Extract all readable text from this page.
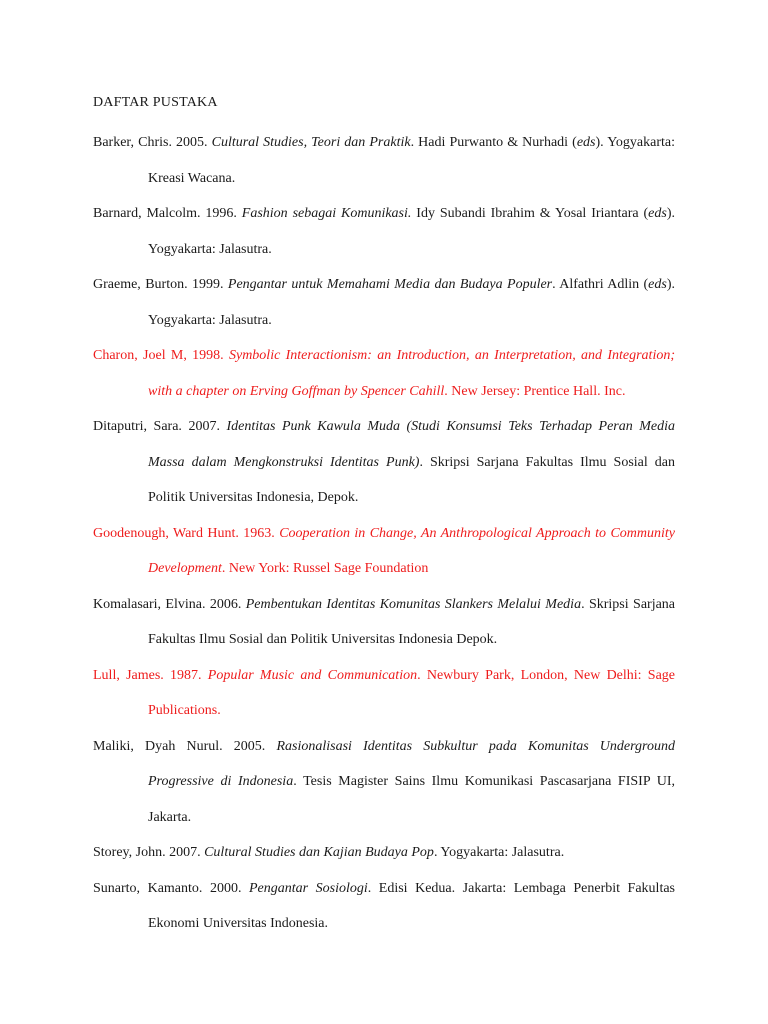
DAFTAR PUSTAKA
Barker, Chris. 2005. Cultural Studies, Teori dan Praktik. Hadi Purwanto & Nurhadi (eds). Yogyakarta: Kreasi Wacana.
Barnard, Malcolm. 1996. Fashion sebagai Komunikasi. Idy Subandi Ibrahim & Yosal Iriantara (eds). Yogyakarta: Jalasutra.
Graeme, Burton. 1999. Pengantar untuk Memahami Media dan Budaya Populer. Alfathri Adlin (eds). Yogyakarta: Jalasutra.
Charon, Joel M, 1998. Symbolic Interactionism: an Introduction, an Interpretation, and Integration; with a chapter on Erving Goffman by Spencer Cahill. New Jersey: Prentice Hall. Inc.
Ditaputri, Sara. 2007. Identitas Punk Kawula Muda (Studi Konsumsi Teks Terhadap Peran Media Massa dalam Mengkonstruksi Identitas Punk). Skripsi Sarjana Fakultas Ilmu Sosial dan Politik Universitas Indonesia, Depok.
Goodenough, Ward Hunt. 1963. Cooperation in Change, An Anthropological Approach to Community Development. New York: Russel Sage Foundation
Komalasari, Elvina. 2006. Pembentukan Identitas Komunitas Slankers Melalui Media. Skripsi Sarjana Fakultas Ilmu Sosial dan Politik Universitas Indonesia Depok.
Lull, James. 1987. Popular Music and Communication. Newbury Park, London, New Delhi: Sage Publications.
Maliki, Dyah Nurul. 2005. Rasionalisasi Identitas Subkultur pada Komunitas Underground Progressive di Indonesia. Tesis Magister Sains Ilmu Komunikasi Pascasarjana FISIP UI, Jakarta.
Storey, John. 2007. Cultural Studies dan Kajian Budaya Pop. Yogyakarta: Jalasutra.
Sunarto, Kamanto. 2000. Pengantar Sosiologi. Edisi Kedua. Jakarta: Lembaga Penerbit Fakultas Ekonomi Universitas Indonesia.
